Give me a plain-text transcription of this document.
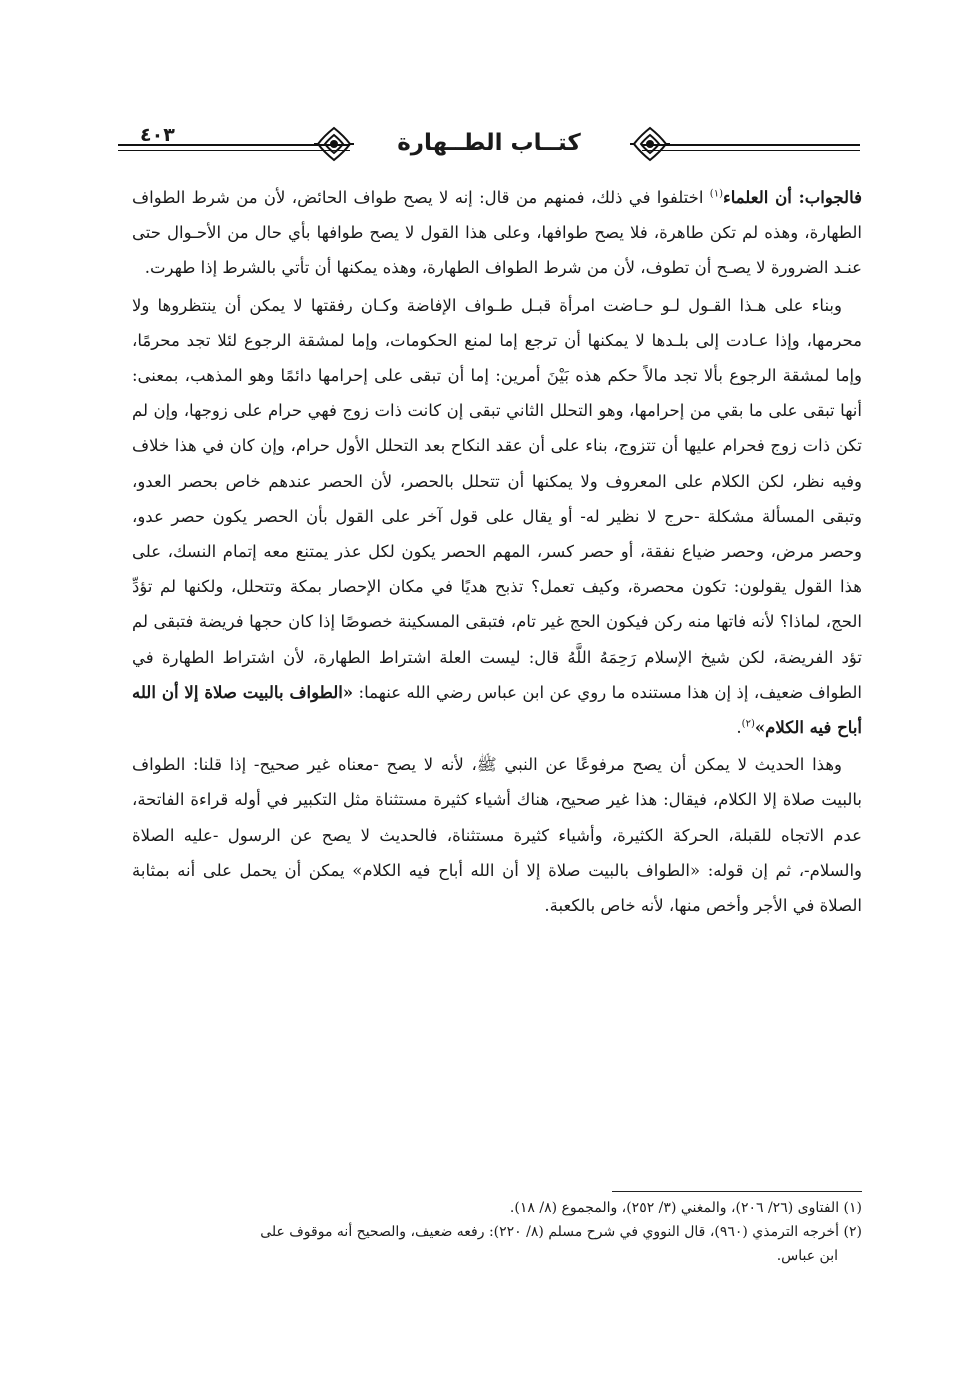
كتــاب الطــهارة
٤٠٣

فالجواب: أن العلماء$^{(١)}$ اختلفوا في ذلك، فمنهم من قال: إنه لا يصح طواف الحائض، لأن من شرط الطواف الطهارة، وهذه لم تكن طاهرة، فلا يصح طوافها، وعلى هذا القول لا يصح طوافها بأي حال من الأحـوال حتى عنـد الضرورة لا يصـح أن تطوف، لأن من شرط الطواف الطهارة، وهذه يمكنها أن تأتي بالشرط إذا طهرت.

وبناء على هـذا القـول لـو حـاضت امرأة قبـل طـواف الإفاضة وكـان رفقتها لا يمكن أن ينتظروها ولا محرمها، وإذا عـادت إلى بلـدها لا يمكنها أن ترجع إما لمنع الحكومات، وإما لمشقة الرجوع لئلا تجد محرمًا، وإما لمشقة الرجوع بألا تجد مالاً حكم هذه بَيْنَ أمرين: إما أن تبقى على إحرامها دائمًا وهو المذهب، بمعنى: أنها تبقى على ما بقي من إحرامها، وهو التحلل الثاني تبقى إن كانت ذات زوج فهي حرام على زوجها، وإن لم تكن ذات زوج فحرام عليها أن تتزوج، بناء على أن عقد النكاح بعد التحلل الأول حرام، وإن كان في هذا خلاف وفيه نظر، لكن الكلام على المعروف ولا يمكنها أن تتحلل بالحصر، لأن الحصر عندهم خاص بحصر العدو، وتبقى المسألة مشكلة -حرج لا نظير له- أو يقال على قول آخر على القول بأن الحصر يكون حصر عدو، وحصر مرض، وحصر ضياع نفقة، أو حصر كسر، المهم الحصر يكون لكل عذر يمتنع معه إتمام النسك، على هذا القول يقولون: تكون محصرة، وكيف تعمل؟ تذبح هديًا في مكان الإحصار بمكة وتتحلل، ولكنها لم تؤدِّ الحج، لماذا؟ لأنه فاتها منه ركن فيكون الحج غير تام، فتبقى المسكينة خصوصًا إذا كان حجها فريضة فتبقى لم تؤد الفريضة، لكن شيخ الإسلام رَحِمَهُ اللَّهُ قال: ليست العلة اشتراط الطهارة، لأن اشتراط الطهارة في الطواف ضعيف، إذ إن هذا مستنده ما روي عن ابن عباس رضي الله عنهما: «الطواف بالبيت صلاة إلا أن الله أباح فيه الكلام»$^{(٢)}$.

وهذا الحديث لا يمكن أن يصح مرفوعًا عن النبي ﷺ، لأنه لا يصح -معناه غير صحيح- إذا قلنا: الطواف بالبيت صلاة إلا الكلام، فيقال: هذا غير صحيح، هناك أشياء كثيرة مستثناة مثل التكبير في أوله قراءة الفاتحة، عدم الاتجاه للقبلة، الحركة الكثيرة، وأشياء كثيرة مستثناة، فالحديث لا يصح عن الرسول -عليه الصلاة والسلام-، ثم إن قوله: «الطواف بالبيت صلاة إلا أن الله أباح فيه الكلام» يمكن أن يحمل على أنه بمثابة الصلاة في الأجر وأخص منها، لأنه خاص بالكعبة.

(١) الفتاوى (٢٦/ ٢٠٦)، والمغني (٣/ ٢٥٢)، والمجموع (٨/ ١٨).
(٢) أخرجه الترمذي (٩٦٠)، قال النووي في شرح مسلم (٨/ ٢٢٠): رفعه ضعيف، والصحيح أنه موقوف على
ابن عباس.
